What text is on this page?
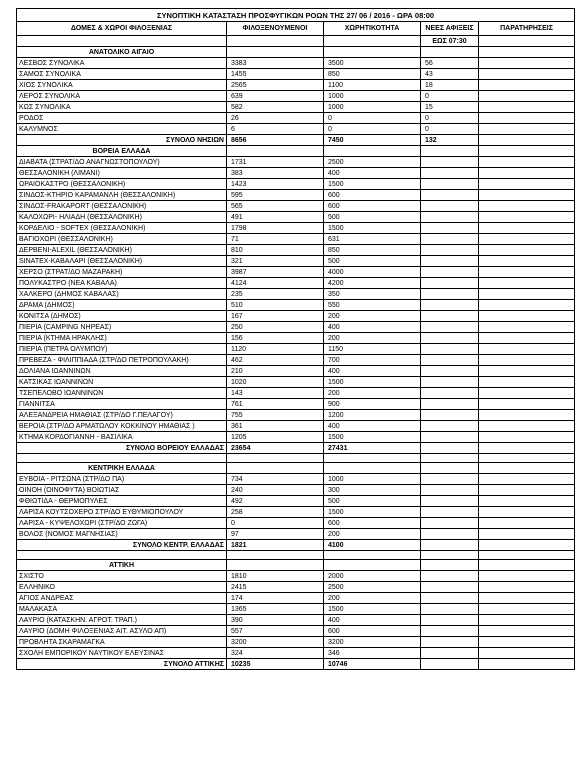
ΣΥΝΟΠΤΙΚΗ ΚΑΤΑΣΤΑΣΗ ΠΡΟΣΦΥΓΙΚΩΝ ΡΟΩΝ ΤΗΣ 27/ 06 / 2016 - ΩΡΑ 08:00				
ΔΟΜΕΣ & ΧΩΡΟΙ ΦΙΛΟΞΕΝΙΑΣ	ΦΙΛΟΞΕΝΟΥΜΕΝΟΙ	ΧΩΡΗΤΙΚΟΤΗΤΑ	ΝΕΕΣ ΑΦΙΞΕΙΣ	ΠΑΡΑΤΗΡΗΣΕΙΣ
			ΕΩΣ 07:30	
ΑΝΑΤΟΛΙΚΟ ΑΙΓΑΙΟ				
ΛΕΣΒΟΣ ΣΥΝΟΛΙΚΑ	3383	3500	56	
ΣΑΜΟΣ ΣΥΝΟΛΙΚΑ	1455	850	43	
ΧΙΟΣ ΣΥΝΟΛΙΚΑ	2565	1100	18	
ΛΕΡΟΣ ΣΥΝΟΛΙΚΑ	639	1000	0	
ΚΩΣ ΣΥΝΟΛΙΚΑ	582	1000	15	
ΡΟΔΟΣ	26	0	0	
ΚΑΛΥΜΝΟΣ	6	0	0	
ΣΥΝΟΛΟ ΝΗΣΙΩΝ	8656	7450	132	
ΒΟΡΕΙΑ ΕΛΛΑΔΑ				
ΔΙΑΒΑΤΑ (ΣΤΡΑΤ/ΔΟ ΑΝΑΓΝΩΣΤΟΠΟΥΛΟΥ)	1731	2500		
ΘΕΣΣΑΛΟΝΙΚΗ (ΛΙΜΑΝΙ)	383	400		
ΩΡΑΙΟΚΑΣΤΡΟ (ΘΕΣΣΑΛΟΝΙΚΗ)	1423	1500		
ΣΙΝΔΟΣ-ΚΤΗΡΙΟ ΚΑΡΑΜΑΝΛΗ (ΘΕΣΣΑΛΟΝΙΚΗ)	595	600		
ΣΙΝΔΟΣ-FRAKAPORT (ΘΕΣΣΑΛΟΝΙΚΗ)	565	600		
ΚΑΛΟΧΩΡΙ- ΗΛΙΑΔΗ (ΘΕΣΣΑΛΟΝΙΚΗ)	491	500		
ΚΟΡΔΕΛΙΟ - SOFTEX (ΘΕΣΣΑΛΟΝΙΚΗ)	1798	1500		
ΒΑΓΙΟΧΩΡΙ (ΘΕΣΣΑΛΟΝΙΚΗ)	71	631		
ΔΕΡΒΕΝΙ-ALEXIL (ΘΕΣΣΑΛΟΝΙΚΗ)	810	850		
SINATEX-ΚΑΒΑΛΑΡΙ (ΘΕΣΣΑΛΟΝΙΚΗ)	321	500		
ΧΕΡΣΟ (ΣΤΡΑΤ/ΔΟ ΜΑΖΑΡΑΚΗ)	3987	4000		
ΠΟΛΥΚΑΣΤΡΟ (ΝΕΑ ΚΑΒΑΛΑ)	4124	4200		
ΧΑΛΚΕΡΟ (ΔΗΜΟΣ ΚΑΒΑΛΑΣ)	235	350		
ΔΡΑΜΑ (ΔΗΜΟΣ)	510	550		
ΚΟΝΙΤΣΑ (ΔΗΜΟΣ)	167	200		
ΠΙΕΡΙΑ (CAMPING ΝΗΡΕΑΣ)	250	400		
ΠΙΕΡΙΑ (ΚΤΗΜΑ ΗΡΑΚΛΗΣ)	156	200		
ΠΙΕΡΙΑ (ΠΕΤΡΑ ΟΛΥΜΠΟΥ)	1120	1150		
ΠΡΕΒΕΖΑ - ΦΙΛΙΠΠΙΑΔΑ (ΣΤΡ/ΔΟ ΠΕΤΡΟΠΟΥΛΑΚΗ)	462	700		
ΔΟΛΙΑΝΑ ΙΩΑΝΝΙΝΩΝ	210	400		
ΚΑΤΣΙΚΑΣ ΙΩΑΝΝΙΝΩΝ	1020	1500		
ΤΣΕΠΕΛΟΒΟ ΙΩΑΝΝΙΝΩΝ	143	200		
ΓΙΑΝΝΙΤΣΑ	761	900		
ΑΛΕΞΑΝΔΡΕΙΑ ΗΜΑΘΙΑΣ (ΣΤΡ/ΔΟ Γ.ΠΕΛΑΓΟΥ)	755	1200		
ΒΕΡΟΙΑ (ΣΤΡ/ΔΟ ΑΡΜΑΤΩΛΟΥ ΚΟΚΚΙΝΟΥ ΗΜΑΘΙΑΣ )	361	400		
ΚΤΗΜΑ ΚΟΡΔΟΓΙΑΝΝΗ - ΒΑΣΙΛΙΚΑ	1205	1500		
ΣΥΝΟΛΟ ΒΟΡΕΙΟΥ ΕΛΛΑΔΑΣ	23654	27431		

ΚΕΝΤΡΙΚΗ ΕΛΛΑΔΑ				
ΕΥΒΟΙΑ - ΡΙΤΣΩΝΑ (ΣΤΡ/ΔΟ ΠΑ)	734	1000		
ΟΙΝΟΗ (ΟΙΝΟΦΥΤΑ) ΒΟΙΩΤΙΑΣ	240	300		
ΦΘΙΩΤΙΔΑ - ΘΕΡΜΟΠΥΛΕΣ	492	500		
ΛΑΡΙΣΑ ΚΟΥΤΣΟΧΕΡΟ ΣΤΡ/ΔΟ ΕΥΘΥΜΙΟΠΟΥΛΟΥ	258	1500		
ΛΑΡΙΣΑ - ΚΥΨΕΛΟΧΩΡΙ (ΣΤΡ/ΔΟ ΖΩΓΑ)	0	600		
ΒΟΛΟΣ (ΝΟΜΟΣ ΜΑΓΝΗΣΙΑΣ)	97	200		
ΣΥΝΟΛΟ ΚΕΝΤΡ. ΕΛΛΑΔΑΣ	1821	4100		

ΑΤΤΙΚΗ				
ΣΧΙΣΤΟ	1810	2000		
ΕΛΛΗΝΙΚΟ	2415	2500		
ΑΓΙΟΣ ΑΝΔΡΕΑΣ	174	200		
ΜΑΛΑΚΑΣΑ	1365	1500		
ΛΑΥΡΙΟ (ΚΑΤΑΣΚΗΝ. ΑΓΡΟΤ. ΤΡΑΠ.)	390	400		
ΛΑΥΡΙΟ (ΔΟΜΗ ΦΙΛΟΞΕΝΙΑΣ ΑΙΤ. ΑΣΥΛΟ ΑΠ)	557	600		
ΠΡΟΒΛΗΤΑ ΣΚΑΡΑΜΑΓΚΑ	3200	3200		
ΣΧΟΛΗ ΕΜΠΟΡΙΚΟΥ ΝΑΥΤΙΚΟΥ ΕΛΕΥΣΙΝΑΣ	324	346		
ΣΥΝΟΛΟ ΑΤΤΙΚΗΣ	10235	10746		
